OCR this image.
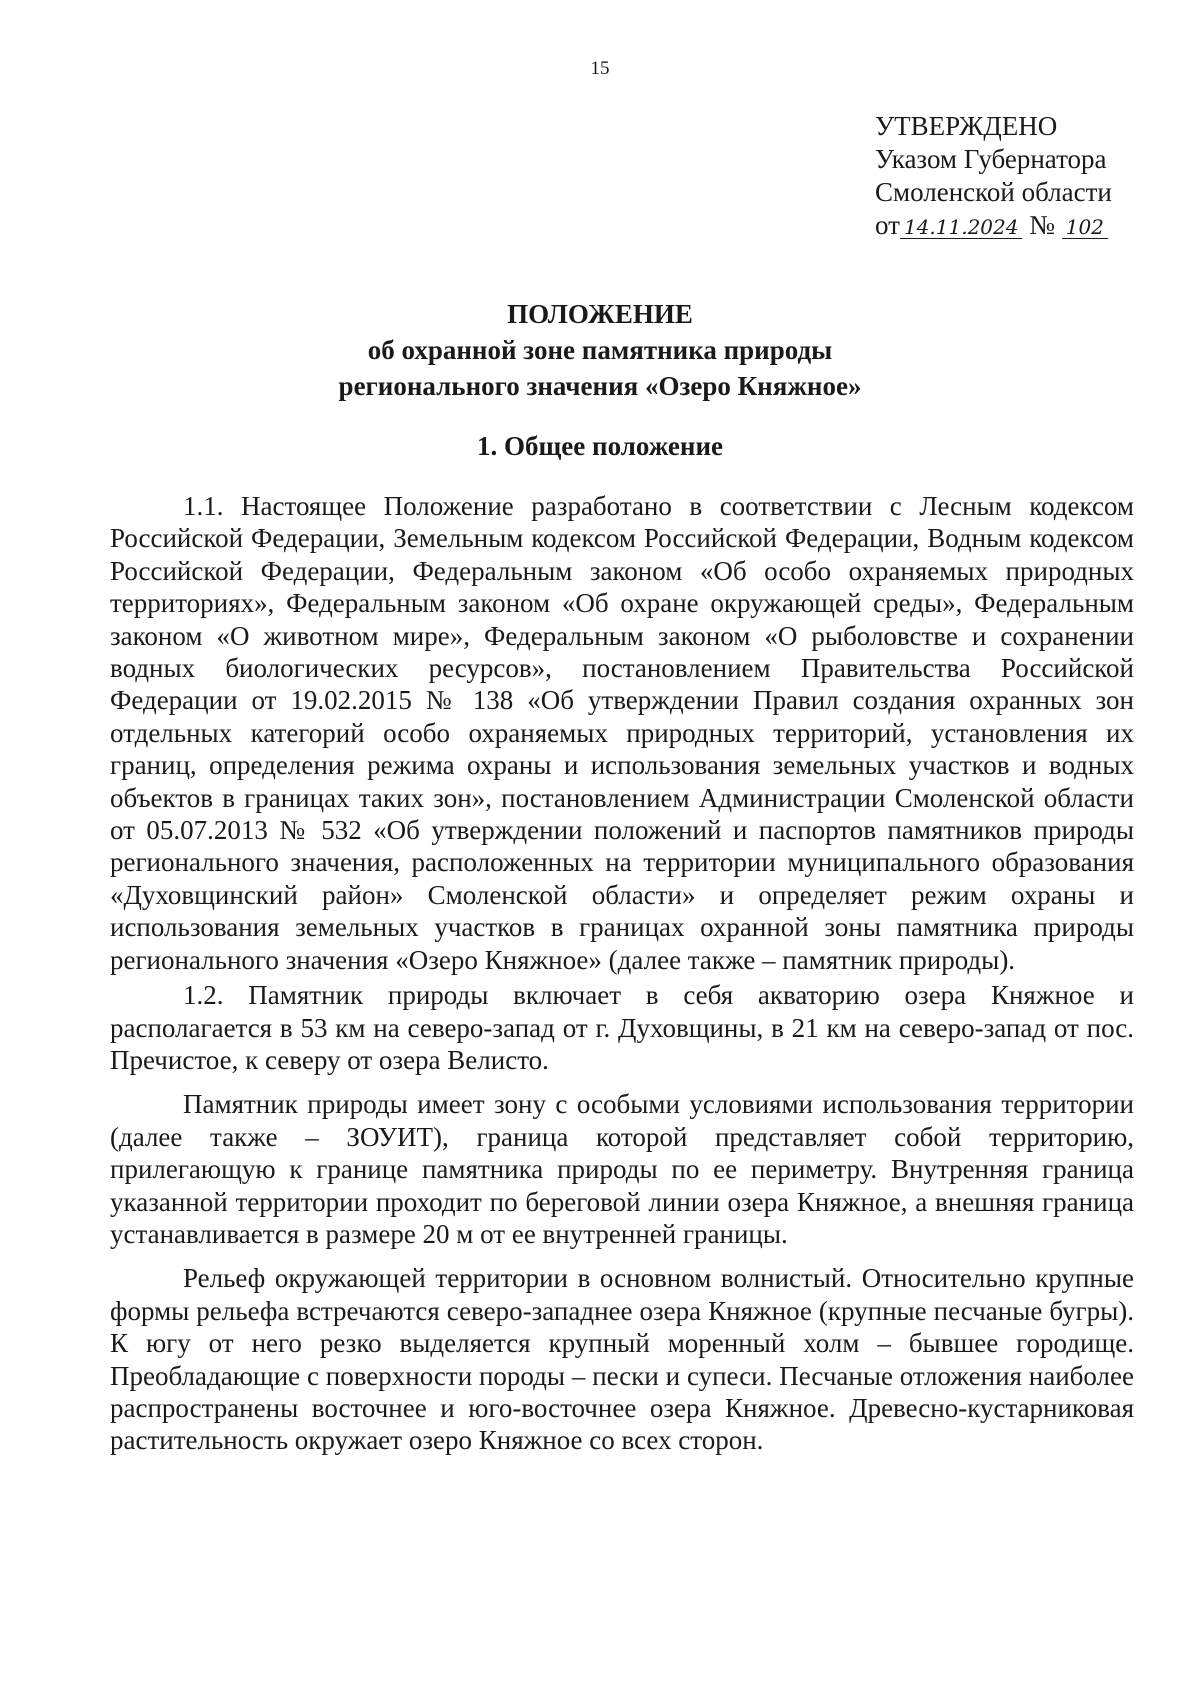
15
УТВЕРЖДЕНО
Указом Губернатора
Смоленской области
от 14.11.2024 № 102
ПОЛОЖЕНИЕ
об охранной зоне памятника природы
регионального значения «Озеро Княжное»
1. Общее положение

1.1. Настоящее Положение разработано в соответствии с Лесным кодексом Российской Федерации, Земельным кодексом Российской Федерации, Водным кодексом Российской Федерации, Федеральным законом «Об особо охраняемых природных территориях», Федеральным законом «Об охране окружающей среды», Федеральным законом «О животном мире», Федеральным законом «О рыболовстве и сохранении водных биологических ресурсов», постановлением Правительства Российской Федерации от 19.02.2015 № 138 «Об утверждении Правил создания охранных зон отдельных категорий особо охраняемых природных территорий, установления их границ, определения режима охраны и использования земельных участков и водных объектов в границах таких зон», постановлением Администрации Смоленской области от 05.07.2013 № 532 «Об утверждении положений и паспортов памятников природы регионального значения, расположенных на территории муниципального образования «Духовщинский район» Смоленской области» и определяет режим охраны и использования земельных участков в границах охранной зоны памятника природы регионального значения «Озеро Княжное» (далее также – памятник природы).

1.2. Памятник природы включает в себя акваторию озера Княжное и располагается в 53 км на северо-запад от г. Духовщины, в 21 км на северо-запад от пос. Пречистое, к северу от озера Велисто.

Памятник природы имеет зону с особыми условиями использования территории (далее также – ЗОУИТ), граница которой представляет собой территорию, прилегающую к границе памятника природы по ее периметру. Внутренняя граница указанной территории проходит по береговой линии озера Княжное, а внешняя граница устанавливается в размере 20 м от ее внутренней границы.

Рельеф окружающей территории в основном волнистый. Относительно крупные формы рельефа встречаются северо-западнее озера Княжное (крупные песчаные бугры). К югу от него резко выделяется крупный моренный холм – бывшее городище. Преобладающие с поверхности породы – пески и супеси. Песчаные отложения наиболее распространены восточнее и юго-восточнее озера Княжное. Древесно-кустарниковая растительность окружает озеро Княжное со всех сторон.
